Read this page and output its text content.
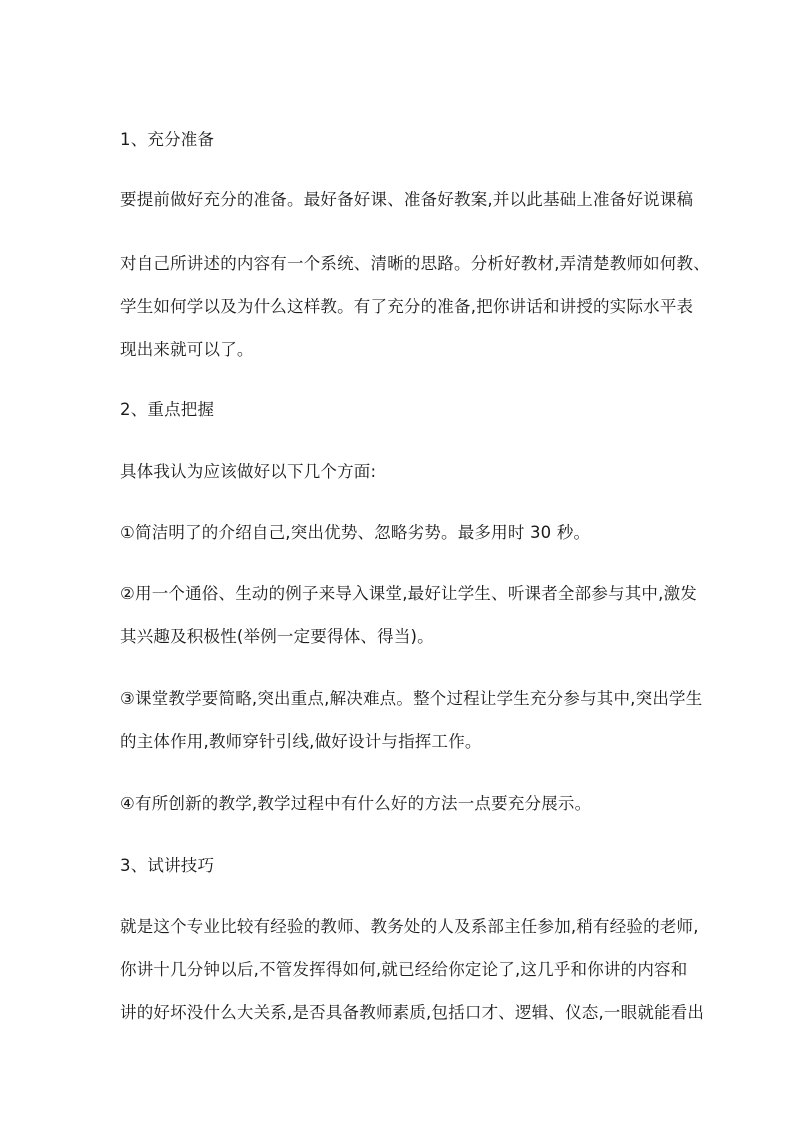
1、充分准备
要提前做好充分的准备。最好备好课、准备好教案,并以此基础上准备好说课稿
对自己所讲述的内容有一个系统、清晰的思路。分析好教材,弄清楚教师如何教、
学生如何学以及为什么这样教。有了充分的准备,把你讲话和讲授的实际水平表
现出来就可以了。
2、重点把握
具体我认为应该做好以下几个方面:
①简洁明了的介绍自己,突出优势、忽略劣势。最多用时 30 秒。
②用一个通俗、生动的例子来导入课堂,最好让学生、听课者全部参与其中,激发
其兴趣及积极性(举例一定要得体、得当)。
③课堂教学要简略,突出重点,解决难点。整个过程让学生充分参与其中,突出学生
的主体作用,教师穿针引线,做好设计与指挥工作。
④有所创新的教学,教学过程中有什么好的方法一点要充分展示。
3、试讲技巧
就是这个专业比较有经验的教师、教务处的人及系部主任参加,稍有经验的老师,
你讲十几分钟以后,不管发挥得如何,就已经给你定论了,这几乎和你讲的内容和
讲的好坏没什么大关系,是否具备教师素质,包括口才、逻辑、仪态,一眼就能看出
